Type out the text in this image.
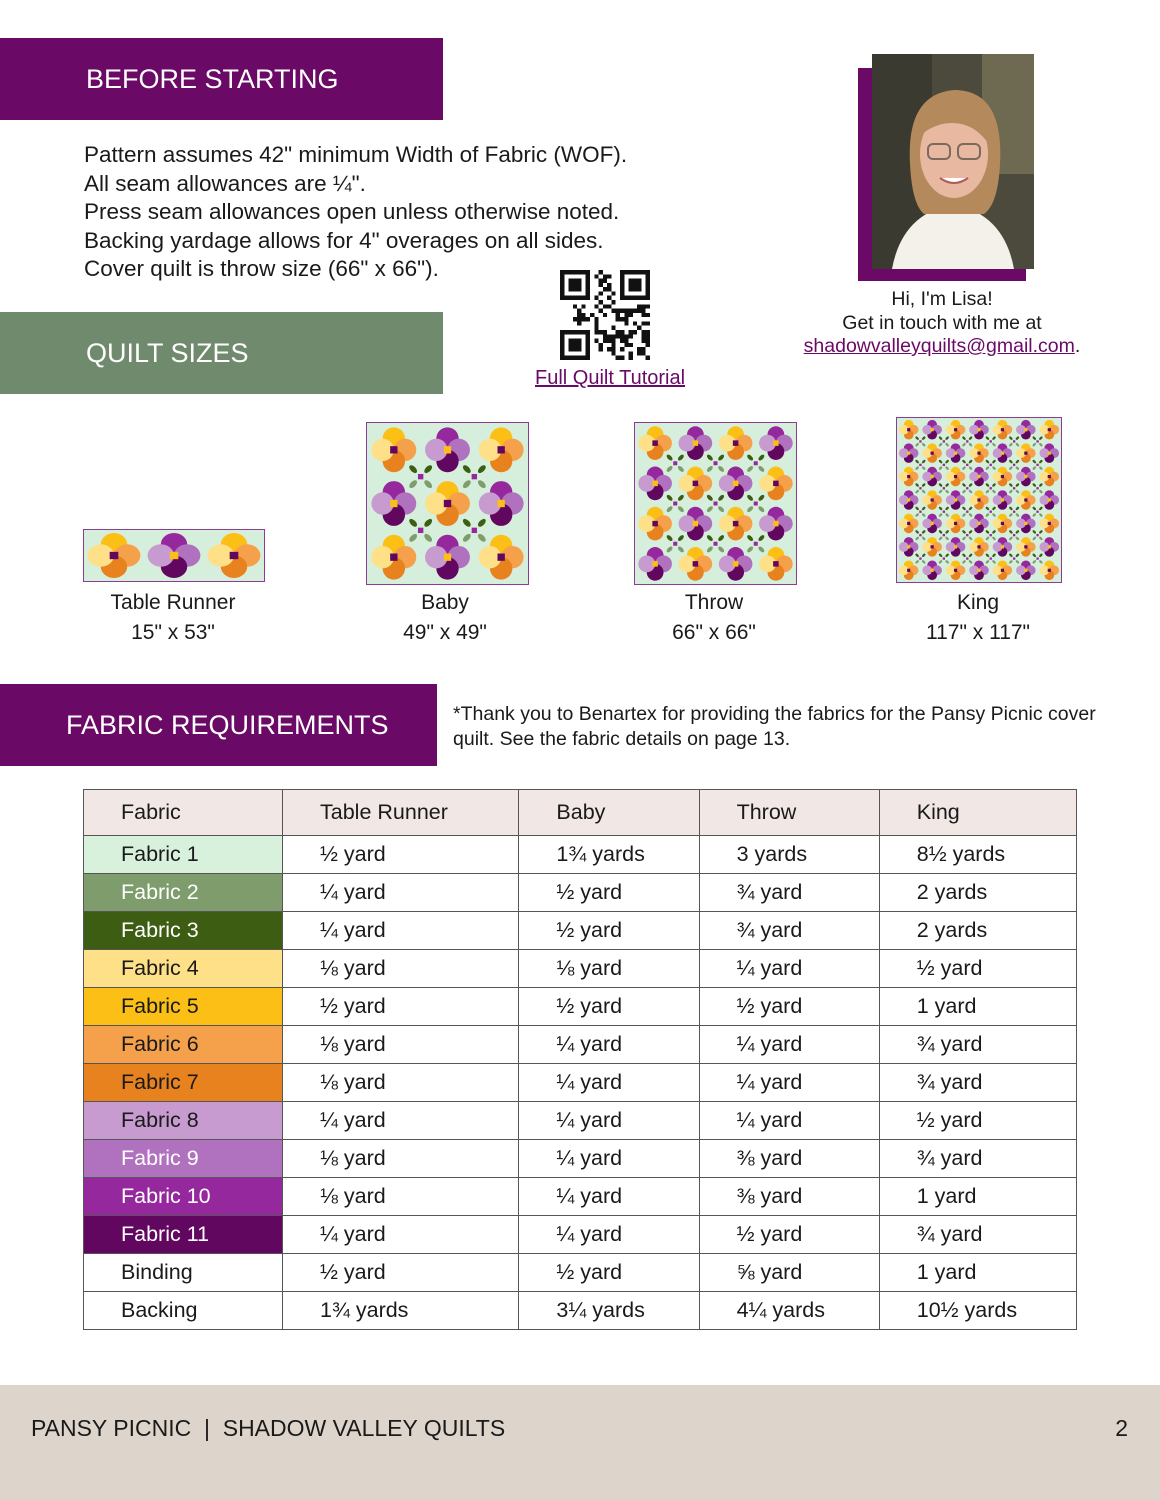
BEFORE STARTING
Pattern assumes 42" minimum Width of Fabric (WOF).
All seam allowances are ¼".
Press seam allowances open unless otherwise noted.
Backing yardage allows for 4" overages on all sides.
Cover quilt is throw size (66" x 66").
Full Quilt Tutorial
Hi, I'm Lisa!
Get in touch with me at
shadowvalleyquilts@gmail.com.
QUILT SIZES
Table Runner
15" x 53"
Baby
49" x 49"
Throw
66" x 66"
King
117" x 117"
FABRIC REQUIREMENTS	*Thank you to Benartex for providing the fabrics for the Pansy Picnic cover quilt. See the fabric details on page 13.
Fabric	Table Runner	Baby	Throw	King
Fabric 1	½ yard	1¾ yards	3 yards	8½ yards
Fabric 2	¼ yard	½ yard	¾ yard	2 yards
Fabric 3	¼ yard	½ yard	¾ yard	2 yards
Fabric 4	⅛ yard	⅛ yard	¼ yard	½ yard
Fabric 5	½ yard	½ yard	½ yard	1 yard
Fabric 6	⅛ yard	¼ yard	¼ yard	¾ yard
Fabric 7	⅛ yard	¼ yard	¼ yard	¾ yard
Fabric 8	¼ yard	¼ yard	¼ yard	½ yard
Fabric 9	⅛ yard	¼ yard	⅜ yard	¾ yard
Fabric 10	⅛ yard	¼ yard	⅜ yard	1 yard
Fabric 11	¼ yard	¼ yard	½ yard	¾ yard
Binding	½ yard	½ yard	⅝ yard	1 yard
Backing	1¾ yards	3¼ yards	4¼ yards	10½ yards
PANSY PICNIC  |  SHADOW VALLEY QUILTS	2
